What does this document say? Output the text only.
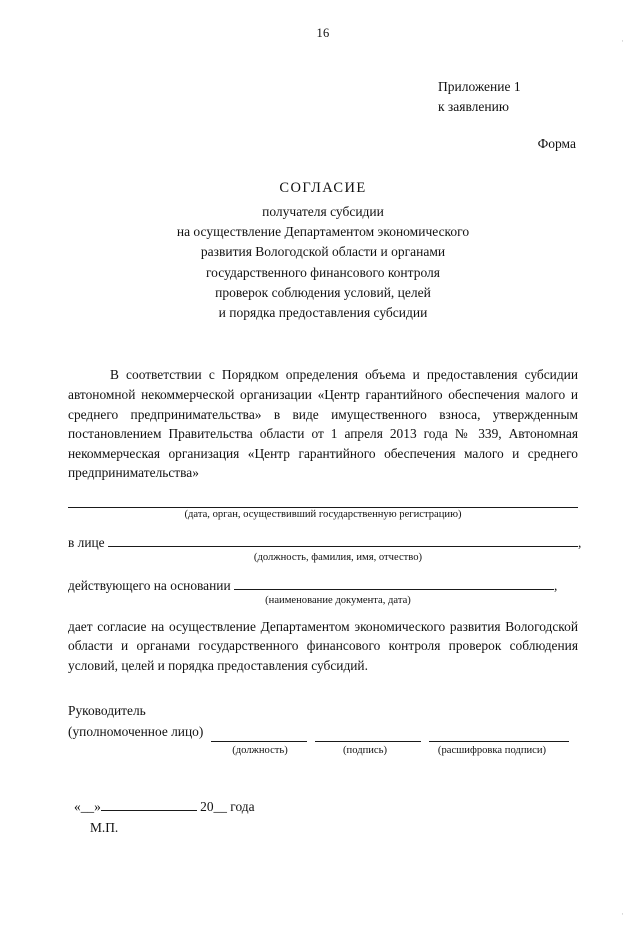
16
Приложение 1
к заявлению
Форма
СОГЛАСИЕ
получателя субсидии
на осуществление Департаментом экономического
развития Вологодской области и органами
государственного финансового контроля
проверок соблюдения условий, целей
и порядка предоставления субсидии

В соответствии с Порядком определения объема и предоставления субсидии автономной некоммерческой организации «Центр гарантийного обеспечения малого и среднего предпринимательства» в виде имущественного взноса, утвержденным постановлением Правительства области от 1 апреля 2013 года № 339, Автономная некоммерческая организация «Центр гарантийного обеспечения малого и среднего предпринимательства»

(дата, орган, осуществивший государственную регистрацию)
в лице	,
(должность, фамилия, имя, отчество)
действующего на основании	,
(наименование документа, дата)
дает согласие на осуществление Департаментом экономического развития Вологодской области и органами государственного финансового контроля проверок соблюдения условий, целей и порядка предоставления субсидий.
Руководитель
(уполномоченное лицо)
(должность)	(подпись)	(расшифровка подписи)
«__»	20__ года
М.П.
·
·
